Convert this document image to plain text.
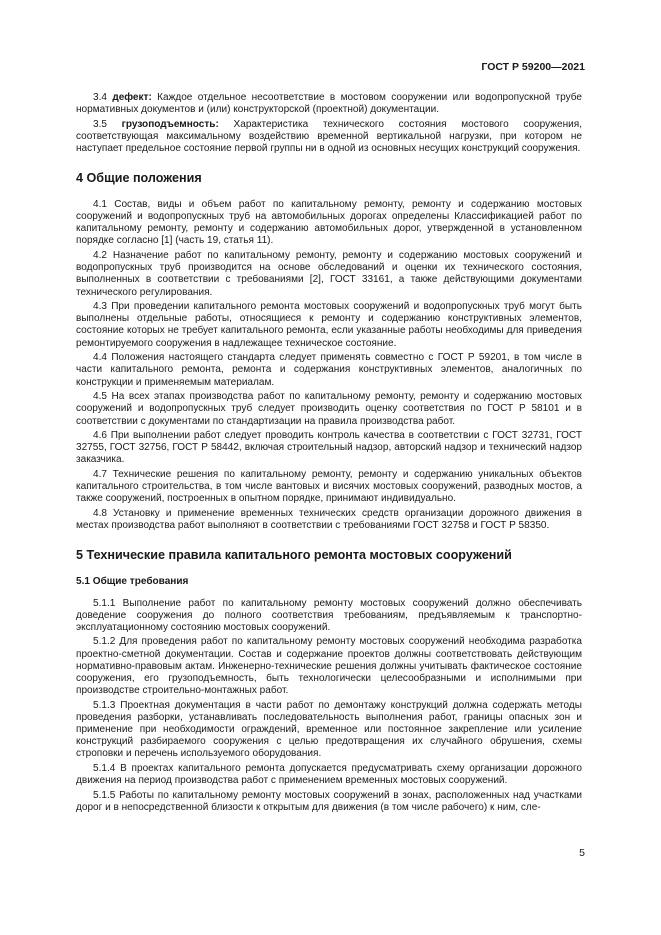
ГОСТ Р 59200—2021
3.4 дефект: Каждое отдельное несоответствие в мостовом сооружении или водопропускной трубе нормативных документов и (или) конструкторской (проектной) документации.
3.5 грузоподъемность: Характеристика технического состояния мостового сооружения, соответствующая максимальному воздействию временной вертикальной нагрузки, при котором не наступает предельное состояние первой группы ни в одной из основных несущих конструкций сооружения.
4 Общие положения
4.1 Состав, виды и объем работ по капитальному ремонту, ремонту и содержанию мостовых сооружений и водопропускных труб на автомобильных дорогах определены Классификацией работ по капитальному ремонту, ремонту и содержанию автомобильных дорог, утвержденной в установленном порядке согласно [1] (часть 19, статья 11).
4.2 Назначение работ по капитальному ремонту, ремонту и содержанию мостовых сооружений и водопропускных труб производится на основе обследований и оценки их технического состояния, выполненных в соответствии с требованиями [2], ГОСТ 33161, а также действующими документами технического регулирования.
4.3 При проведении капитального ремонта мостовых сооружений и водопропускных труб могут быть выполнены отдельные работы, относящиеся к ремонту и содержанию конструктивных элементов, состояние которых не требует капитального ремонта, если указанные работы необходимы для приведения ремонтируемого сооружения в надлежащее техническое состояние.
4.4 Положения настоящего стандарта следует применять совместно с ГОСТ Р 59201, в том числе в части капитального ремонта, ремонта и содержания конструктивных элементов, аналогичных по конструкции и применяемым материалам.
4.5 На всех этапах производства работ по капитальному ремонту, ремонту и содержанию мостовых сооружений и водопропускных труб следует производить оценку соответствия по ГОСТ Р 58101 и в соответствии с документами по стандартизации на правила производства работ.
4.6 При выполнении работ следует проводить контроль качества в соответствии с ГОСТ 32731, ГОСТ 32755, ГОСТ 32756, ГОСТ Р 58442, включая строительный надзор, авторский надзор и технический надзор заказчика.
4.7 Технические решения по капитальному ремонту, ремонту и содержанию уникальных объектов капитального строительства, в том числе вантовых и висячих мостовых сооружений, разводных мостов, а также сооружений, построенных в опытном порядке, принимают индивидуально.
4.8 Установку и применение временных технических средств организации дорожного движения в местах производства работ выполняют в соответствии с требованиями ГОСТ 32758 и ГОСТ Р 58350.
5 Технические правила капитального ремонта мостовых сооружений
5.1 Общие требования
5.1.1 Выполнение работ по капитальному ремонту мостовых сооружений должно обеспечивать доведение сооружения до полного соответствия требованиям, предъявляемым к транспортно-эксплуатационному состоянию мостовых сооружений.
5.1.2 Для проведения работ по капитальному ремонту мостовых сооружений необходима разработка проектно-сметной документации. Состав и содержание проектов должны соответствовать действующим нормативно-правовым актам. Инженерно-технические решения должны учитывать фактическое состояние сооружения, его грузоподъемность, быть технологически целесообразными и исполнимыми при производстве строительно-монтажных работ.
5.1.3 Проектная документация в части работ по демонтажу конструкций должна содержать методы проведения разборки, устанавливать последовательность выполнения работ, границы опасных зон и применение при необходимости ограждений, временное или постоянное закрепление или усиление конструкций разбираемого сооружения с целью предотвращения их случайного обрушения, схемы строповки и перечень используемого оборудования.
5.1.4 В проектах капитального ремонта допускается предусматривать схему организации дорожного движения на период производства работ с применением временных мостовых сооружений.
5.1.5 Работы по капитальному ремонту мостовых сооружений в зонах, расположенных над участками дорог и в непосредственной близости к открытым для движения (в том числе рабочего) к ним, сле-
5
